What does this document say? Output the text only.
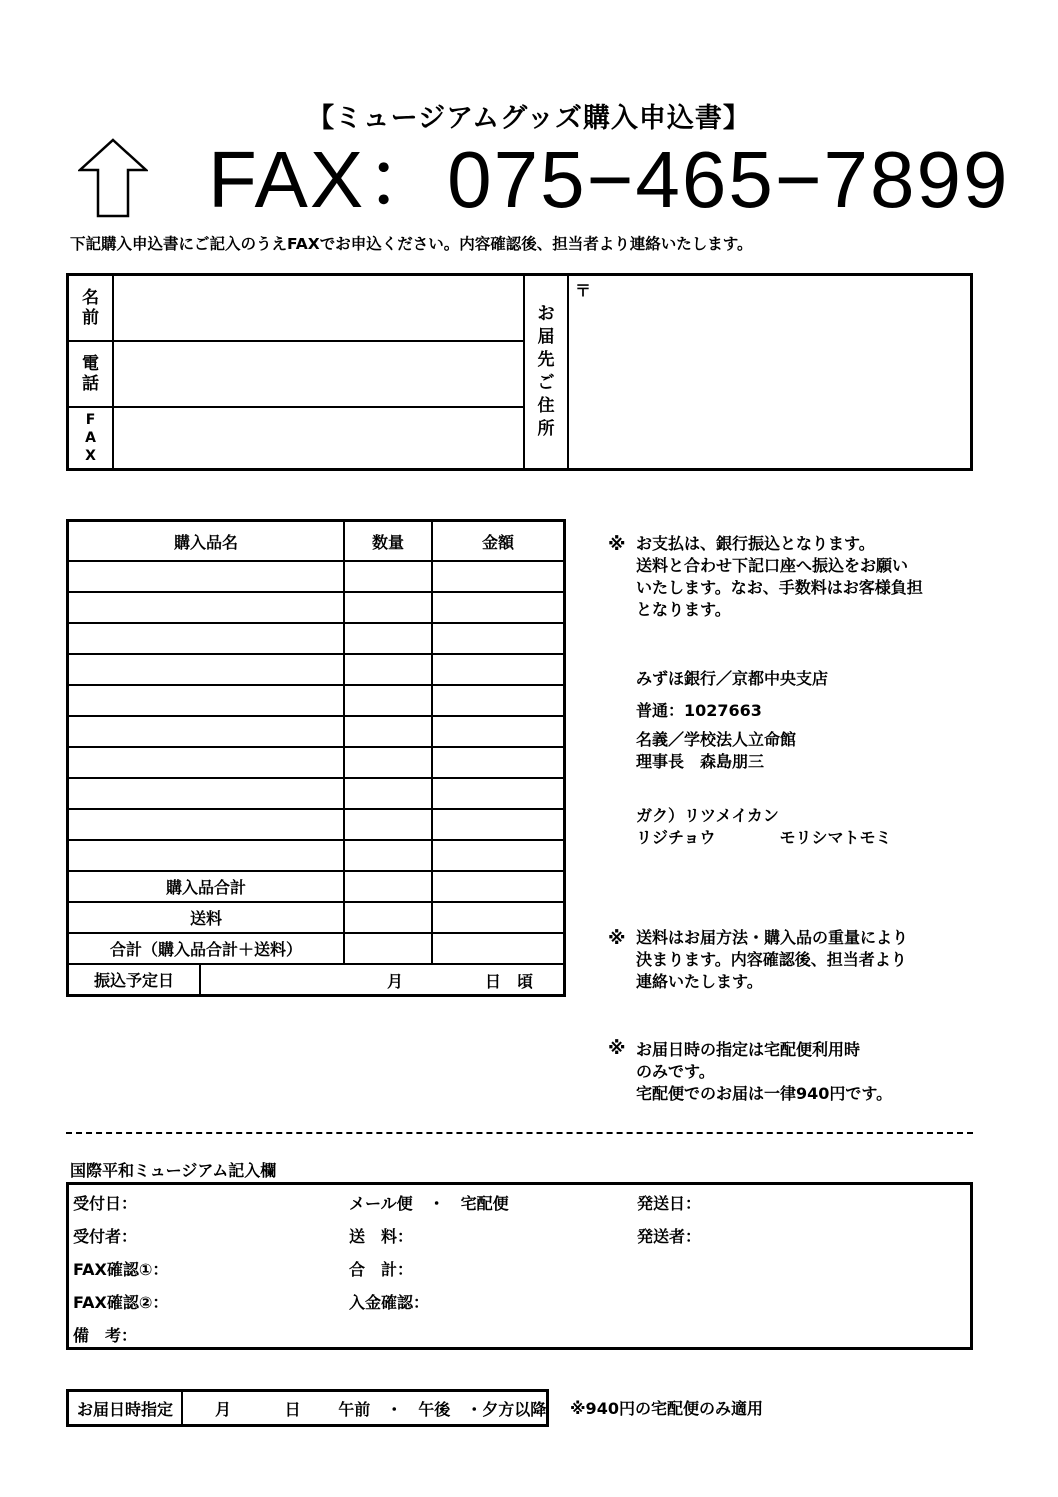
【ミュージアムグッズ購入申込書】
FAX：075−465−7899
下記購入申込書にご記入のうえFAXでお申込ください。内容確認後、担当者より連絡いたします。
名
前
電
話
F
A
X
お
届
先
ご
住
所
〒
購入品名	数量	金額

購入品合計		
送料		
合計（購入品合計＋送料）		

振込予定日 月 日 頃		
※ お支払は、銀行振込となります。
送料と合わせ下記口座へ振込をお願い
いたします。なお、手数料はお客様負担
となります。
みずほ銀行／京都中央支店
普通：1027663
名義／学校法人立命館
理事長　森島朋三
ガク）リツメイカン
リジチョウ　　　　モリシマトモミ
※ 送料はお届方法・購入品の重量により
決まります。内容確認後、担当者より
連絡いたします。
※ お届日時の指定は宅配便利用時
のみです。
宅配便でのお届は一律940円です。
国際平和ミュージアム記入欄
受付日：	メール便　・　宅配便	発送日：
受付者：	送　料：	発送者：
FAX確認①：	合　計：
FAX確認②：	入金確認：
備　考：
お届日時指定	月	日 午前　・　午後　・夕方以降 ※940円の宅配便のみ適用
